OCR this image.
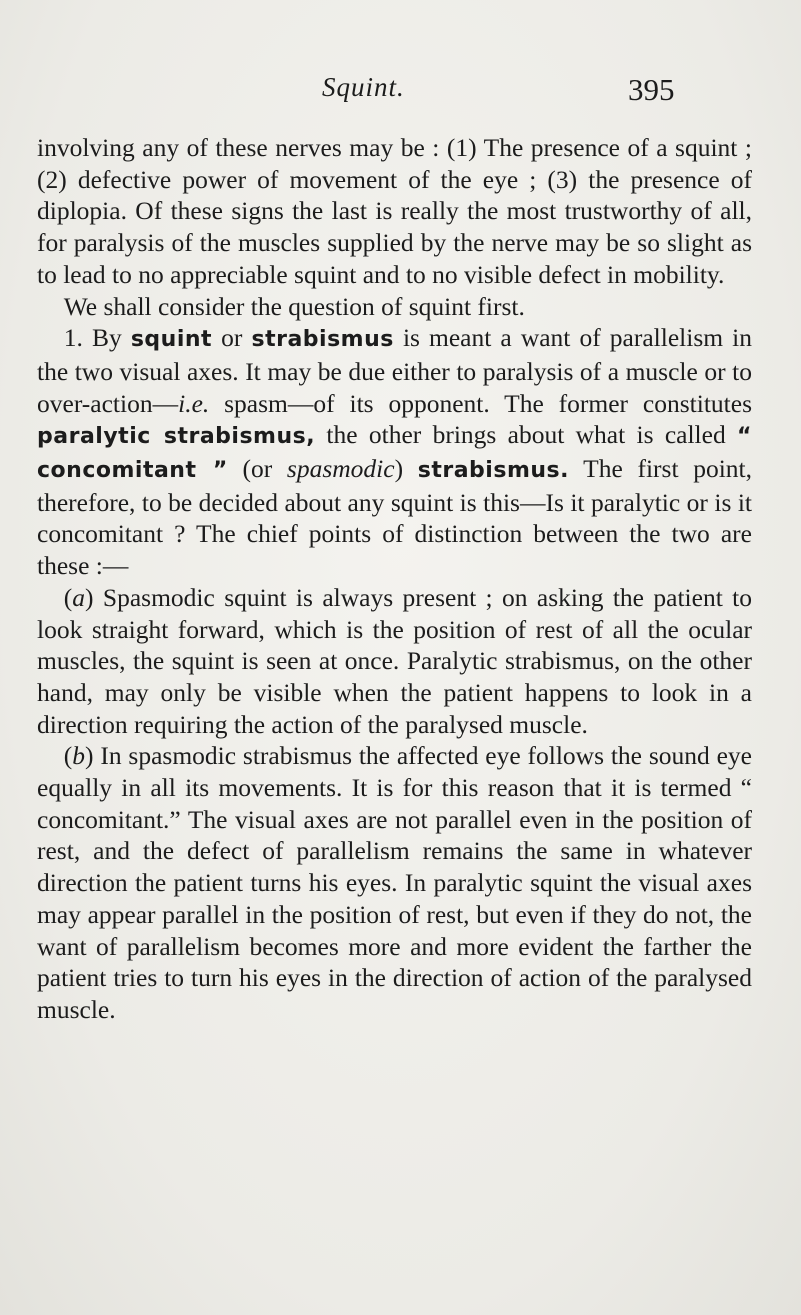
Squint.	395

involving any of these nerves may be : (1) The presence of a squint ; (2) defective power of movement of the eye ; (3) the presence of diplopia. Of these signs the last is really the most trustworthy of all, for paralysis of the muscles supplied by the nerve may be so slight as to lead to no appreciable squint and to no visible defect in mobility.

We shall consider the question of squint first.

1. By squint or strabismus is meant a want of parallelism in the two visual axes. It may be due either to paralysis of a muscle or to over-action—i.e. spasm—of its opponent. The former constitutes paralytic strabismus, the other brings about what is called “ concomitant ” (or spasmodic) strabismus. The first point, therefore, to be decided about any squint is this—Is it paralytic or is it concomitant ? The chief points of distinction between the two are these :—

(a) Spasmodic squint is always present ; on asking the patient to look straight forward, which is the position of rest of all the ocular muscles, the squint is seen at once. Paralytic strabismus, on the other hand, may only be visible when the patient happens to look in a direction requiring the action of the paralysed muscle.

(b) In spasmodic strabismus the affected eye follows the sound eye equally in all its movements. It is for this reason that it is termed “ concomitant.” The visual axes are not parallel even in the position of rest, and the defect of parallelism remains the same in whatever direction the patient turns his eyes. In paralytic squint the visual axes may appear parallel in the position of rest, but even if they do not, the want of parallelism becomes more and more evident the farther the patient tries to turn his eyes in the direction of action of the paralysed muscle.
